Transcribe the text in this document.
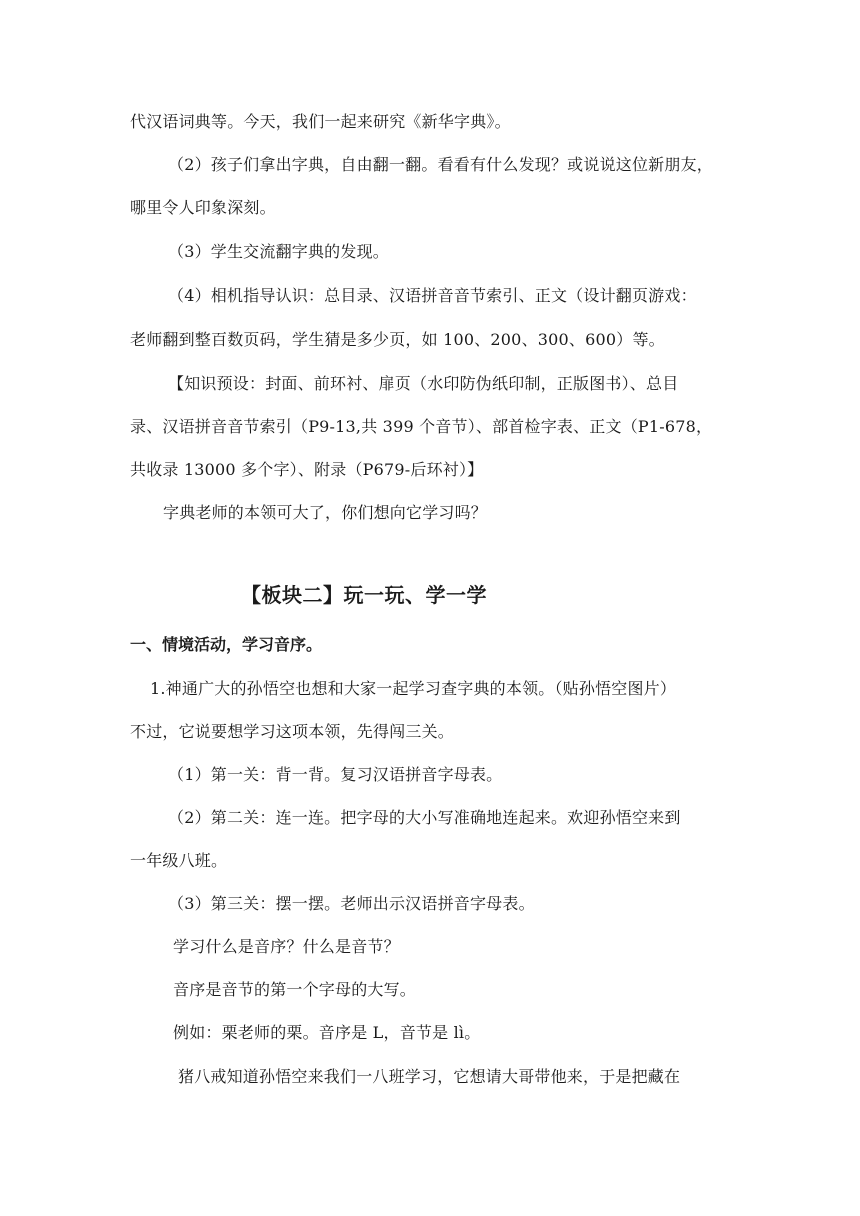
代汉语词典等。今天，我们一起来研究《新华字典》。
（2）孩子们拿出字典，自由翻一翻。看看有什么发现？或说说这位新朋友，
哪里令人印象深刻。
（3）学生交流翻字典的发现。
（4）相机指导认识：总目录、汉语拼音音节索引、正文（设计翻页游戏：
老师翻到整百数页码，学生猜是多少页，如 100、200、300、600）等。
【知识预设：封面、前环衬、扉页（水印防伪纸印制，正版图书）、总目
录、汉语拼音音节索引（P9-13,共 399 个音节）、部首检字表、正文（P1-678，
共收录 13000 多个字）、附录（P679-后环衬）】
字典老师的本领可大了，你们想向它学习吗？
【板块二】玩一玩、学一学
一、情境活动，学习音序。
1.神通广大的孙悟空也想和大家一起学习查字典的本领。（贴孙悟空图片）
不过，它说要想学习这项本领，先得闯三关。
（1）第一关：背一背。复习汉语拼音字母表。
（2）第二关：连一连。把字母的大小写准确地连起来。欢迎孙悟空来到
一年级八班。
（3）第三关：摆一摆。老师出示汉语拼音字母表。
学习什么是音序？什么是音节？
音序是音节的第一个字母的大写。
例如：栗老师的栗。音序是 L，音节是 lì。
猪八戒知道孙悟空来我们一八班学习，它想请大哥带他来，于是把藏在
